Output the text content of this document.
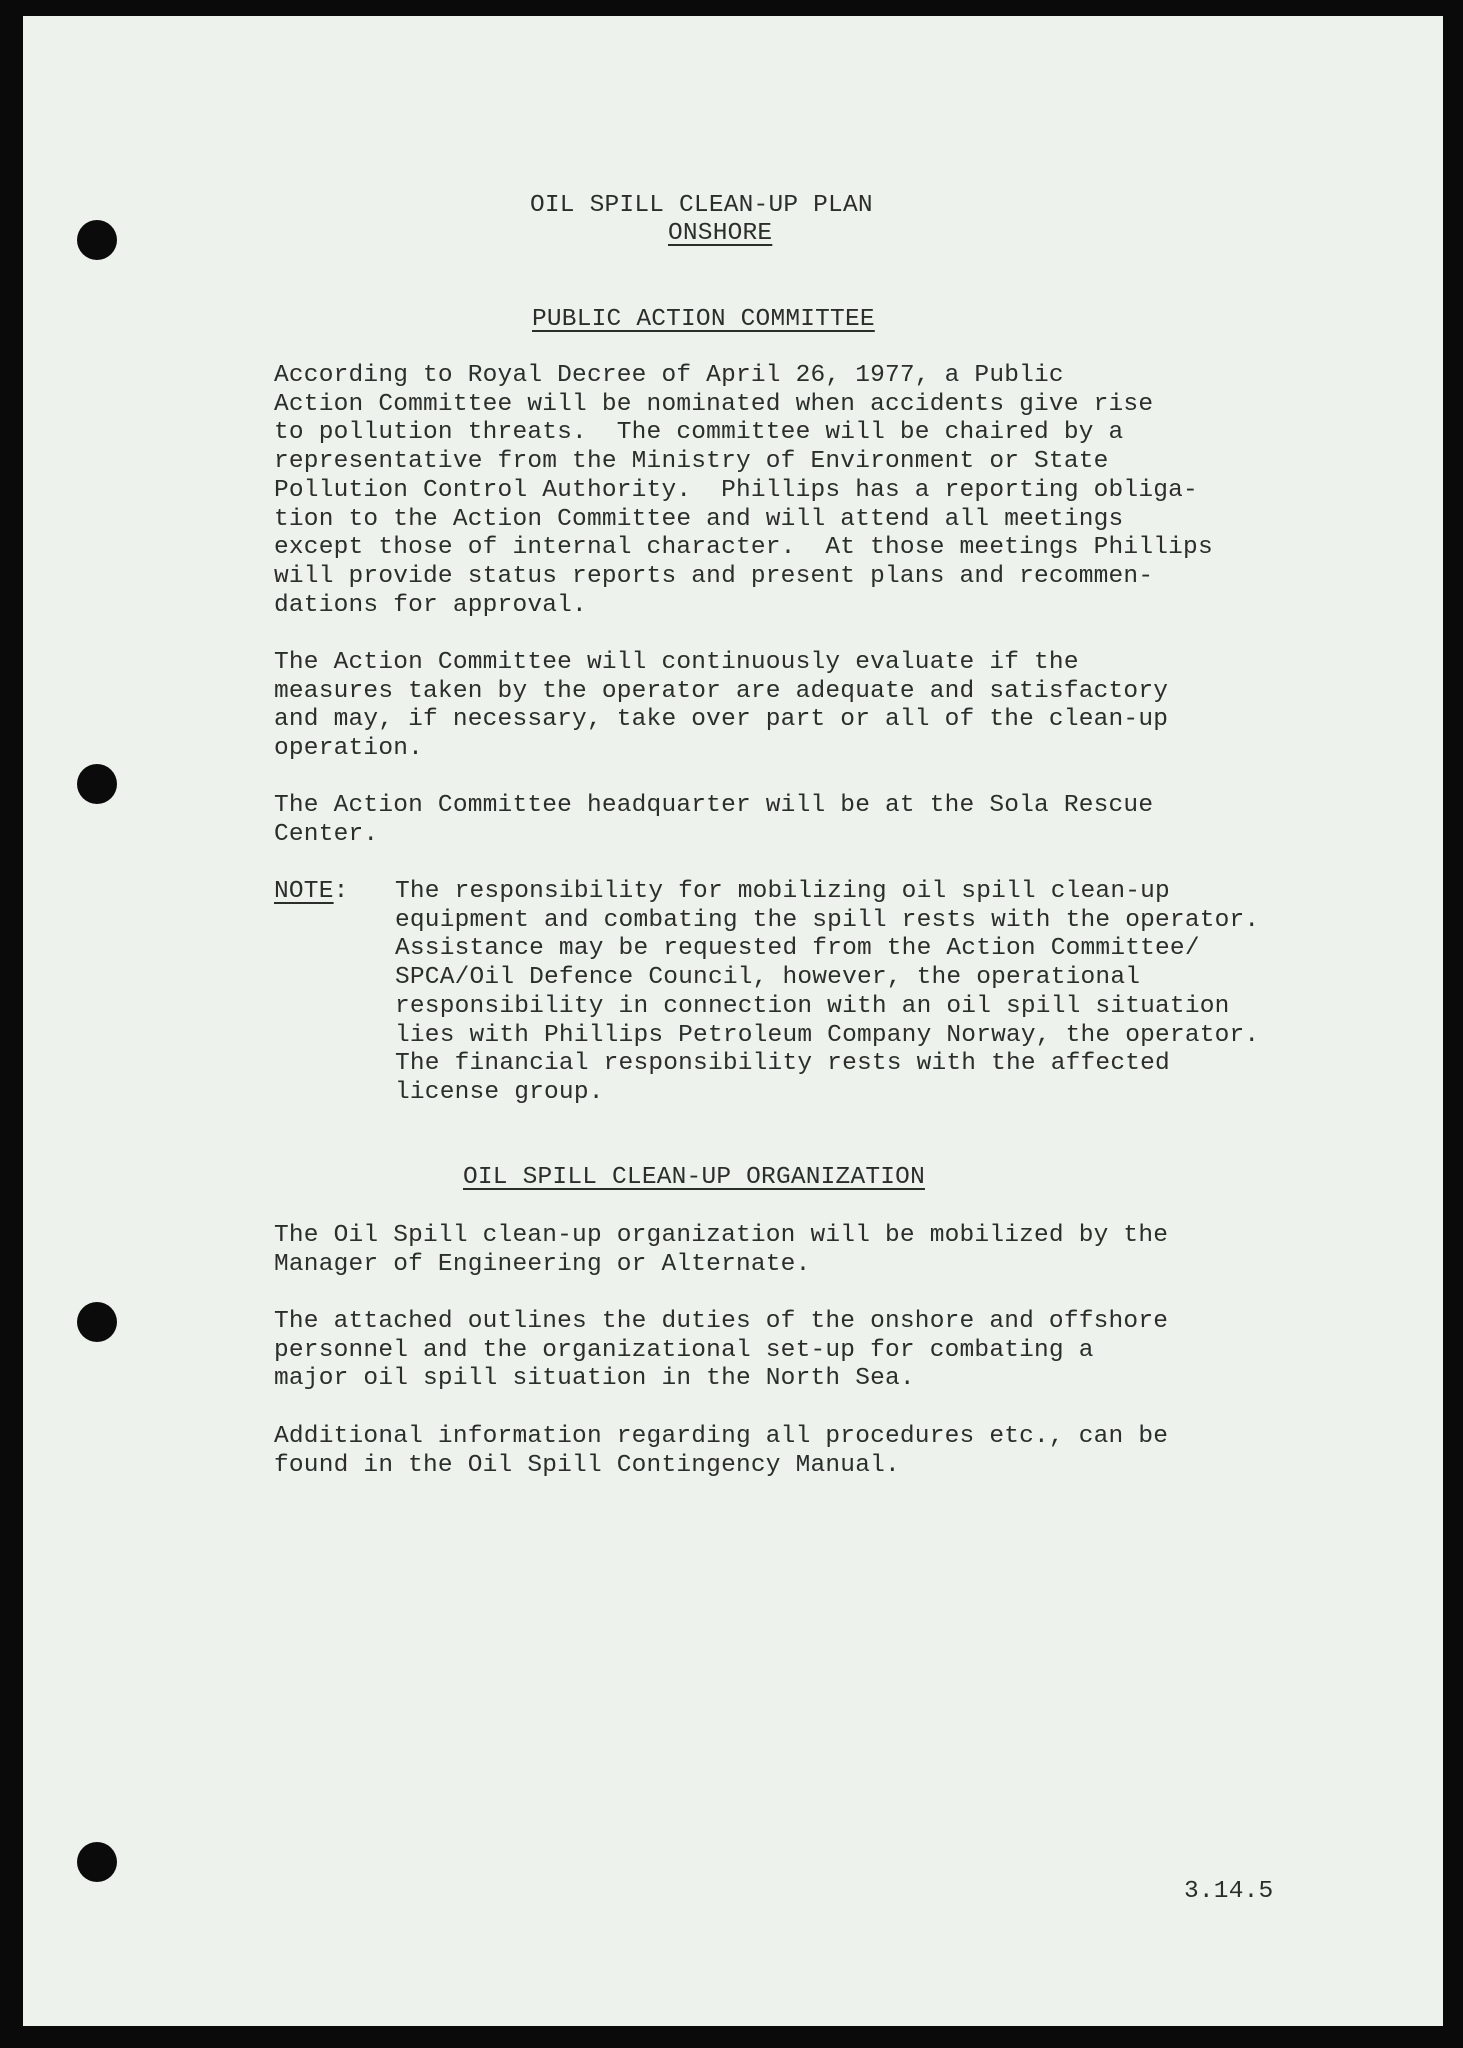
OIL SPILL CLEAN-UP PLAN
ONSHORE
PUBLIC ACTION COMMITTEE
According to Royal Decree of April 26, 1977, a Public
Action Committee will be nominated when accidents give rise
to pollution threats.  The committee will be chaired by a
representative from the Ministry of Environment or State
Pollution Control Authority.  Phillips has a reporting obliga-
tion to the Action Committee and will attend all meetings
except those of internal character.  At those meetings Phillips
will provide status reports and present plans and recommen-
dations for approval.
The Action Committee will continuously evaluate if the
measures taken by the operator are adequate and satisfactory
and may, if necessary, take over part or all of the clean-up
operation.
The Action Committee headquarter will be at the Sola Rescue
Center.
NOTE: The responsibility for mobilizing oil spill clean-up
equipment and combating the spill rests with the operator.
Assistance may be requested from the Action Committee/
SPCA/Oil Defence Council, however, the operational
responsibility in connection with an oil spill situation
lies with Phillips Petroleum Company Norway, the operator.
The financial responsibility rests with the affected
license group.
OIL SPILL CLEAN-UP ORGANIZATION
The Oil Spill clean-up organization will be mobilized by the
Manager of Engineering or Alternate.
The attached outlines the duties of the onshore and offshore
personnel and the organizational set-up for combating a
major oil spill situation in the North Sea.
Additional information regarding all procedures etc., can be
found in the Oil Spill Contingency Manual.
3.14.5
